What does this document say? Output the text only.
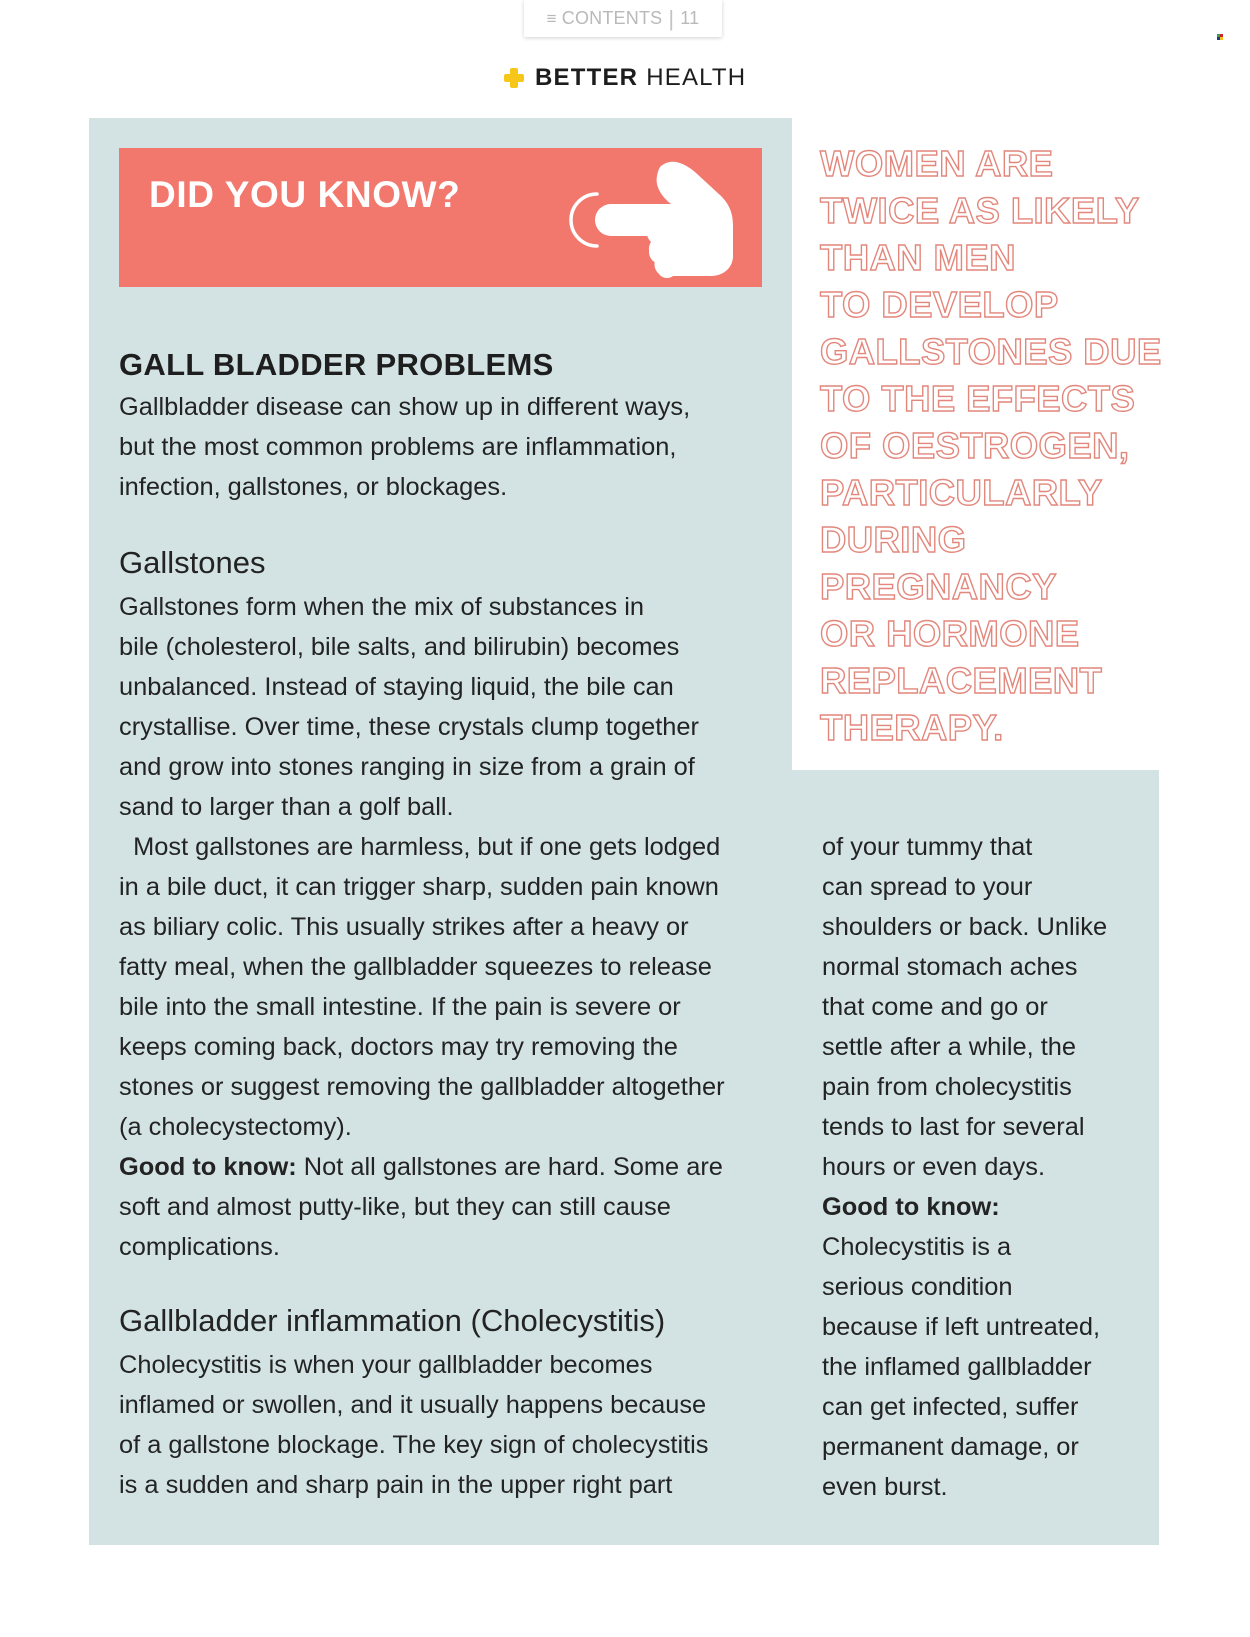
≡ CONTENTS | 11
BETTER HEALTH
DID YOU KNOW?
WOMEN ARE
TWICE AS LIKELY
THAN MEN
TO DEVELOP
GALLSTONES DUE
TO THE EFFECTS
OF OESTROGEN,
PARTICULARLY
DURING
PREGNANCY
OR HORMONE
REPLACEMENT
THERAPY.
GALL BLADDER PROBLEMS
Gallbladder disease can show up in different ways,
but the most common problems are inflammation,
infection, gallstones, or blockages.
Gallstones
Gallstones form when the mix of substances in
bile (cholesterol, bile salts, and bilirubin) becomes
unbalanced. Instead of staying liquid, the bile can
crystallise. Over time, these crystals clump together
and grow into stones ranging in size from a grain of
sand to larger than a golf ball.
Most gallstones are harmless, but if one gets lodged
in a bile duct, it can trigger sharp, sudden pain known
as biliary colic. This usually strikes after a heavy or
fatty meal, when the gallbladder squeezes to release
bile into the small intestine. If the pain is severe or
keeps coming back, doctors may try removing the
stones or suggest removing the gallbladder altogether
(a cholecystectomy).
Good to know: Not all gallstones are hard. Some are
soft and almost putty-like, but they can still cause
complications.
Gallbladder inflammation (Cholecystitis)
Cholecystitis is when your gallbladder becomes
inflamed or swollen, and it usually happens because
of a gallstone blockage. The key sign of cholecystitis
is a sudden and sharp pain in the upper right part
of your tummy that
can spread to your
shoulders or back. Unlike
normal stomach aches
that come and go or
settle after a while, the
pain from cholecystitis
tends to last for several
hours or even days.
Good to know:
Cholecystitis is a
serious condition
because if left untreated,
the inflamed gallbladder
can get infected, suffer
permanent damage, or
even burst.
